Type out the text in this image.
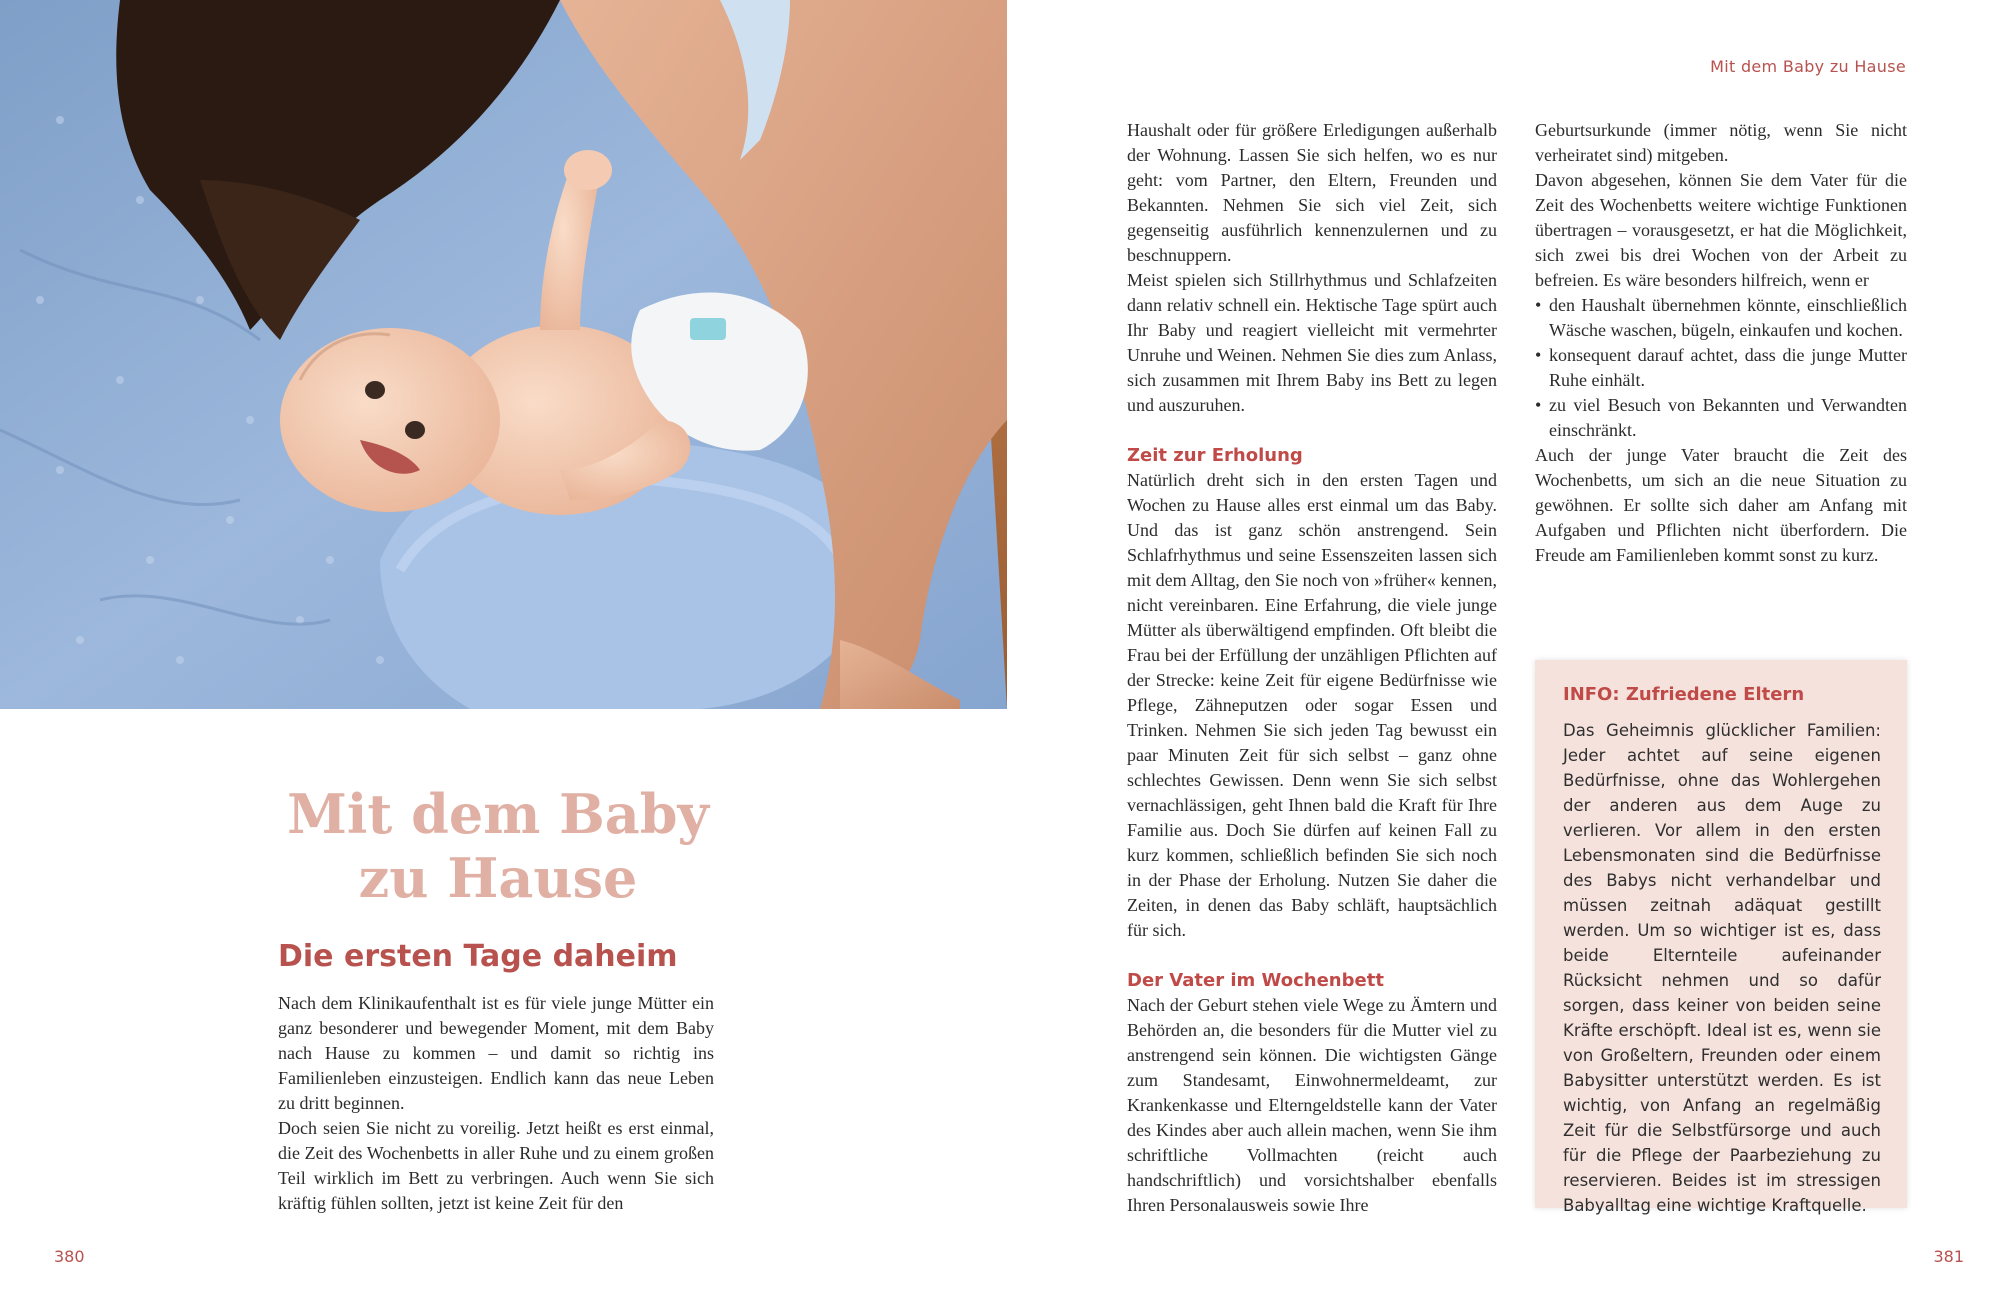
Mit dem Baby
zu Hause
Die ersten Tage daheim

Nach dem Klinikaufenthalt ist es für viele junge Mütter ein ganz besonderer und bewegender Moment, mit dem Baby nach Hause zu kommen – und damit so richtig ins Familienleben einzusteigen. Endlich kann das neue Leben zu dritt beginnen.

Doch seien Sie nicht zu voreilig. Jetzt heißt es erst einmal, die Zeit des Wochenbetts in aller Ruhe und zu einem großen Teil wirklich im Bett zu verbringen. Auch wenn Sie sich kräftig fühlen sollten, jetzt ist keine Zeit für den

380
Mit dem Baby zu Hause

Haushalt oder für größere Erledigungen außerhalb der Wohnung. Lassen Sie sich helfen, wo es nur geht: vom Partner, den Eltern, Freunden und Bekannten. Nehmen Sie sich viel Zeit, sich gegenseitig ausführlich kennenzulernen und zu beschnuppern.

Meist spielen sich Stillrhythmus und Schlafzeiten dann relativ schnell ein. Hektische Tage spürt auch Ihr Baby und reagiert vielleicht mit vermehrter Unruhe und Weinen. Nehmen Sie dies zum Anlass, sich zusammen mit Ihrem Baby ins Bett zu legen und auszuruhen.

Zeit zur Erholung

Natürlich dreht sich in den ersten Tagen und Wochen zu Hause alles erst einmal um das Baby. Und das ist ganz schön anstrengend. Sein Schlafrhythmus und seine Essenszeiten lassen sich mit dem Alltag, den Sie noch von »früher« kennen, nicht vereinbaren. Eine Erfahrung, die viele junge Mütter als überwältigend empfinden. Oft bleibt die Frau bei der Erfüllung der unzähligen Pflichten auf der Strecke: keine Zeit für eigene Bedürfnisse wie Pflege, Zähneputzen oder sogar Essen und Trinken. Nehmen Sie sich jeden Tag bewusst ein paar Minuten Zeit für sich selbst – ganz ohne schlechtes Gewissen. Denn wenn Sie sich selbst vernachlässigen, geht Ihnen bald die Kraft für Ihre Familie aus. Doch Sie dürfen auf keinen Fall zu kurz kommen, schließlich befinden Sie sich noch in der Phase der Erholung. Nutzen Sie daher die Zeiten, in denen das Baby schläft, hauptsächlich für sich.

Der Vater im Wochenbett

Nach der Geburt stehen viele Wege zu Ämtern und Behörden an, die besonders für die Mutter viel zu anstrengend sein können. Die wichtigsten Gänge zum Standesamt, Einwohnermeldeamt, zur Krankenkasse und Elterngeldstelle kann der Vater des Kindes aber auch allein machen, wenn Sie ihm schriftliche Vollmachten (reicht auch handschriftlich) und vorsichtshalber ebenfalls Ihren Personalausweis sowie Ihre

Geburtsurkunde (immer nötig, wenn Sie nicht verheiratet sind) mitgeben.

Davon abgesehen, können Sie dem Vater für die Zeit des Wochenbetts weitere wichtige Funktionen übertragen – vorausgesetzt, er hat die Möglichkeit, sich zwei bis drei Wochen von der Arbeit zu befreien. Es wäre besonders hilfreich, wenn er

• den Haushalt übernehmen könnte, einschließlich Wäsche waschen, bügeln, einkaufen und kochen.
• konsequent darauf achtet, dass die junge Mutter Ruhe einhält.
• zu viel Besuch von Bekannten und Verwandten einschränkt.

Auch der junge Vater braucht die Zeit des Wochenbetts, um sich an die neue Situation zu gewöhnen. Er sollte sich daher am Anfang mit Aufgaben und Pflichten nicht überfordern. Die Freude am Familienleben kommt sonst zu kurz.

INFO: Zufriedene Eltern
Das Geheimnis glücklicher Familien: Jeder achtet auf seine eigenen Bedürfnisse, ohne das Wohlergehen der anderen aus dem Auge zu verlieren. Vor allem in den ersten Lebensmonaten sind die Bedürfnisse des Babys nicht verhandelbar und müssen zeitnah adäquat gestillt werden. Um so wichtiger ist es, dass beide Elternteile aufeinander Rücksicht nehmen und so dafür sorgen, dass keiner von beiden seine Kräfte erschöpft. Ideal ist es, wenn sie von Großeltern, Freunden oder einem Babysitter unterstützt werden. Es ist wichtig, von Anfang an regelmäßig Zeit für die Selbstfürsorge und auch für die Pflege der Paarbeziehung zu reservieren. Beides ist im stressigen Babyalltag eine wichtige Kraftquelle.
381
